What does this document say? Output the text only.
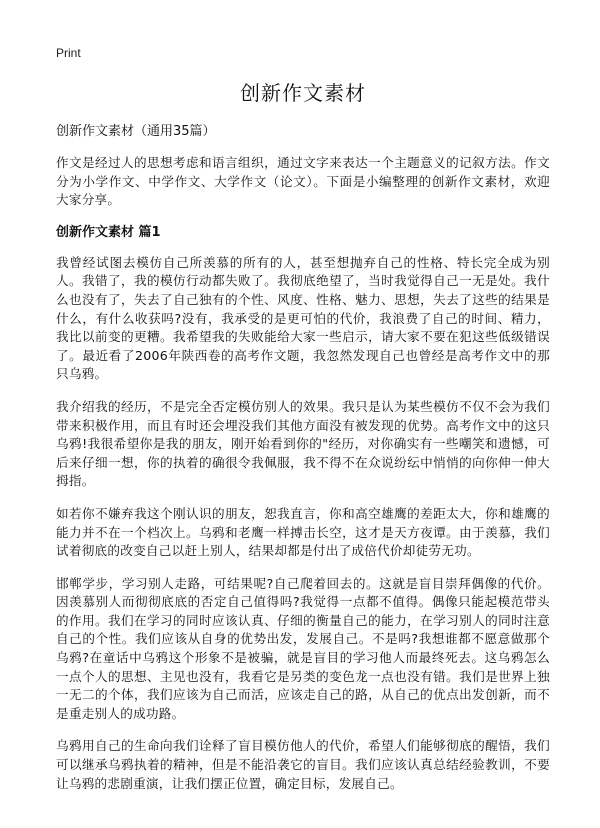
Print
创新作文素材
创新作文素材（通用35篇）

作文是经过人的思想考虑和语言组织，通过文字来表达一个主题意义的记叙方法。作文分为小学作文、中学作文、大学作文（论文）。下面是小编整理的创新作文素材，欢迎大家分享。

创新作文素材 篇1

我曾经试图去模仿自己所羡慕的所有的人，甚至想抛弃自己的性格、特长完全成为别人。我错了，我的模仿行动都失败了。我彻底绝望了，当时我觉得自己一无是处。我什么也没有了，失去了自己独有的个性、风度、性格、魅力、思想，失去了这些的结果是什么，有什么收获吗?没有，我承受的是更可怕的代价，我浪费了自己的时间、精力，我比以前变的更糟。我希望我的失败能给大家一些启示，请大家不要在犯这些低级错误了。最近看了2006年陕西卷的高考作文题，我忽然发现自己也曾经是高考作文中的那只乌鸦。

我介绍我的经历，不是完全否定模仿别人的效果。我只是认为某些模仿不仅不会为我们带来积极作用，而且有时还会埋没我们其他方面没有被发现的优势。高考作文中的这只乌鸦!我很希望你是我的朋友，刚开始看到你的"经历，对你确实有一些嘲笑和遗憾，可后来仔细一想，你的执着的确很令我佩服，我不得不在众说纷纭中悄悄的向你伸一伸大拇指。

如若你不嫌弃我这个刚认识的朋友，恕我直言，你和高空雄鹰的差距太大，你和雄鹰的能力并不在一个档次上。乌鸦和老鹰一样搏击长空，这才是天方夜谭。由于羡慕，我们试着彻底的改变自己以赶上别人，结果却都是付出了成倍代价却徒劳无功。

邯郸学步，学习别人走路，可结果呢?自己爬着回去的。这就是盲目崇拜偶像的代价。因羡慕别人而彻彻底底的否定自己值得吗?我觉得一点都不值得。偶像只能起模范带头的作用。我们在学习的同时应该认真、仔细的衡量自己的能力，在学习别人的同时注意自己的个性。我们应该从自身的优势出发，发展自己。不是吗?我想谁都不愿意做那个乌鸦?在童话中乌鸦这个形象不是被骗，就是盲目的学习他人而最终死去。这乌鸦怎么一点个人的思想、主见也没有，我看它是另类的变色龙一点也没有错。我们是世界上独一无二的个体，我们应该为自己而活，应该走自己的路，从自己的优点出发创新，而不是重走别人的成功路。

乌鸦用自己的生命向我们诠释了盲目模仿他人的代价，希望人们能够彻底的醒悟，我们可以继承乌鸦执着的精神，但是不能沿袭它的盲目。我们应该认真总结经验教训，不要让乌鸦的悲剧重演，让我们摆正位置，确定目标，发展自己。
